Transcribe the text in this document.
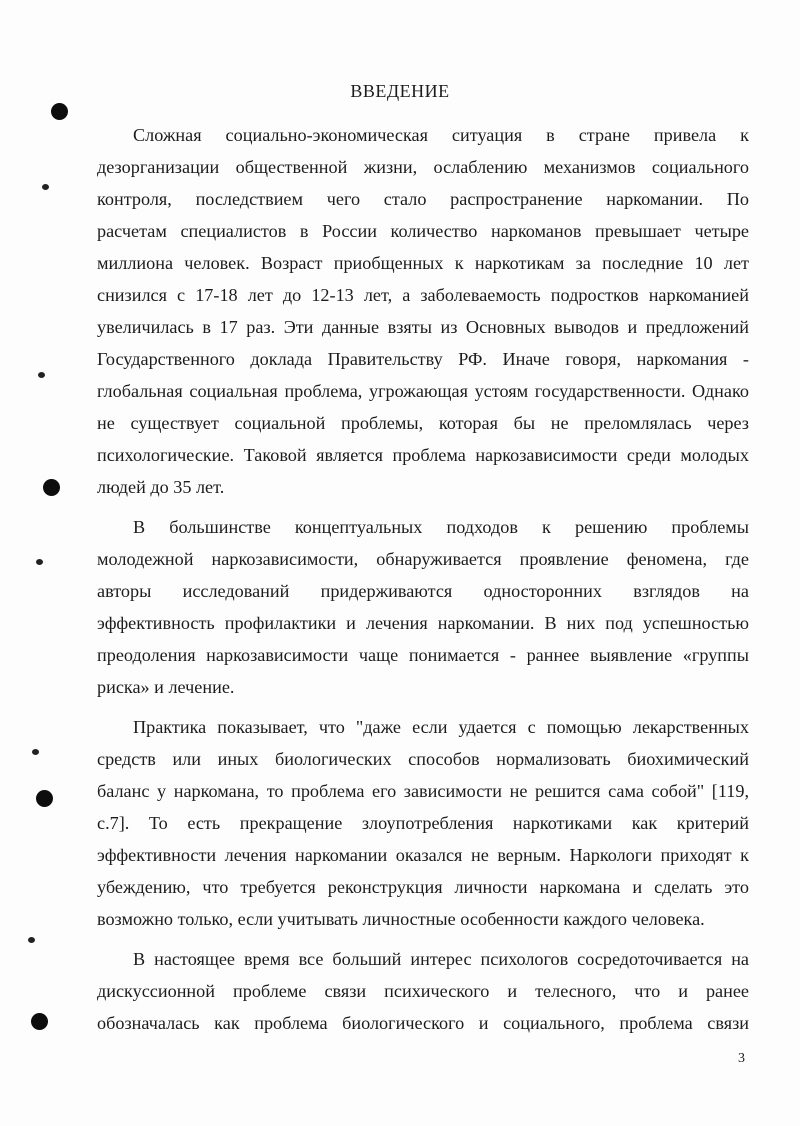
ВВЕДЕНИЕ
Сложная социально-экономическая ситуация в стране привела к
дезорганизации общественной жизни, ослаблению механизмов социального
контроля, последствием чего стало распространение наркомании. По
расчетам специалистов в России количество наркоманов превышает четыре
миллиона человек. Возраст приобщенных к наркотикам за последние 10 лет
снизился с 17-18 лет до 12-13 лет, а заболеваемость подростков наркоманией
увеличилась в 17 раз. Эти данные взяты из Основных выводов и предложений
Государственного доклада Правительству РФ. Иначе говоря, наркомания -
глобальная социальная проблема, угрожающая устоям государственности. Однако
не существует социальной проблемы, которая бы не преломлялась через
психологические. Таковой является проблема наркозависимости среди молодых
людей до 35 лет.
В большинстве концептуальных подходов к решению проблемы
молодежной наркозависимости, обнаруживается проявление феномена, где
авторы исследований придерживаются односторонних взглядов на
эффективность профилактики и лечения наркомании. В них под успешностью
преодоления наркозависимости чаще понимается - раннее выявление «группы
риска» и лечение.
Практика показывает, что "даже если удается с помощью лекарственных
средств или иных биологических способов нормализовать биохимический
баланс у наркомана, то проблема его зависимости не решится сама собой" [119,
с.7]. То есть прекращение злоупотребления наркотиками как критерий
эффективности лечения наркомании оказался не верным. Наркологи приходят к
убеждению, что требуется реконструкция личности наркомана и сделать это
возможно только, если учитывать личностные особенности каждого человека.
В настоящее время все больший интерес психологов сосредоточивается на
дискуссионной проблеме связи психического и телесного, что и ранее
обозначалась как проблема биологического и социального, проблема связи
3
